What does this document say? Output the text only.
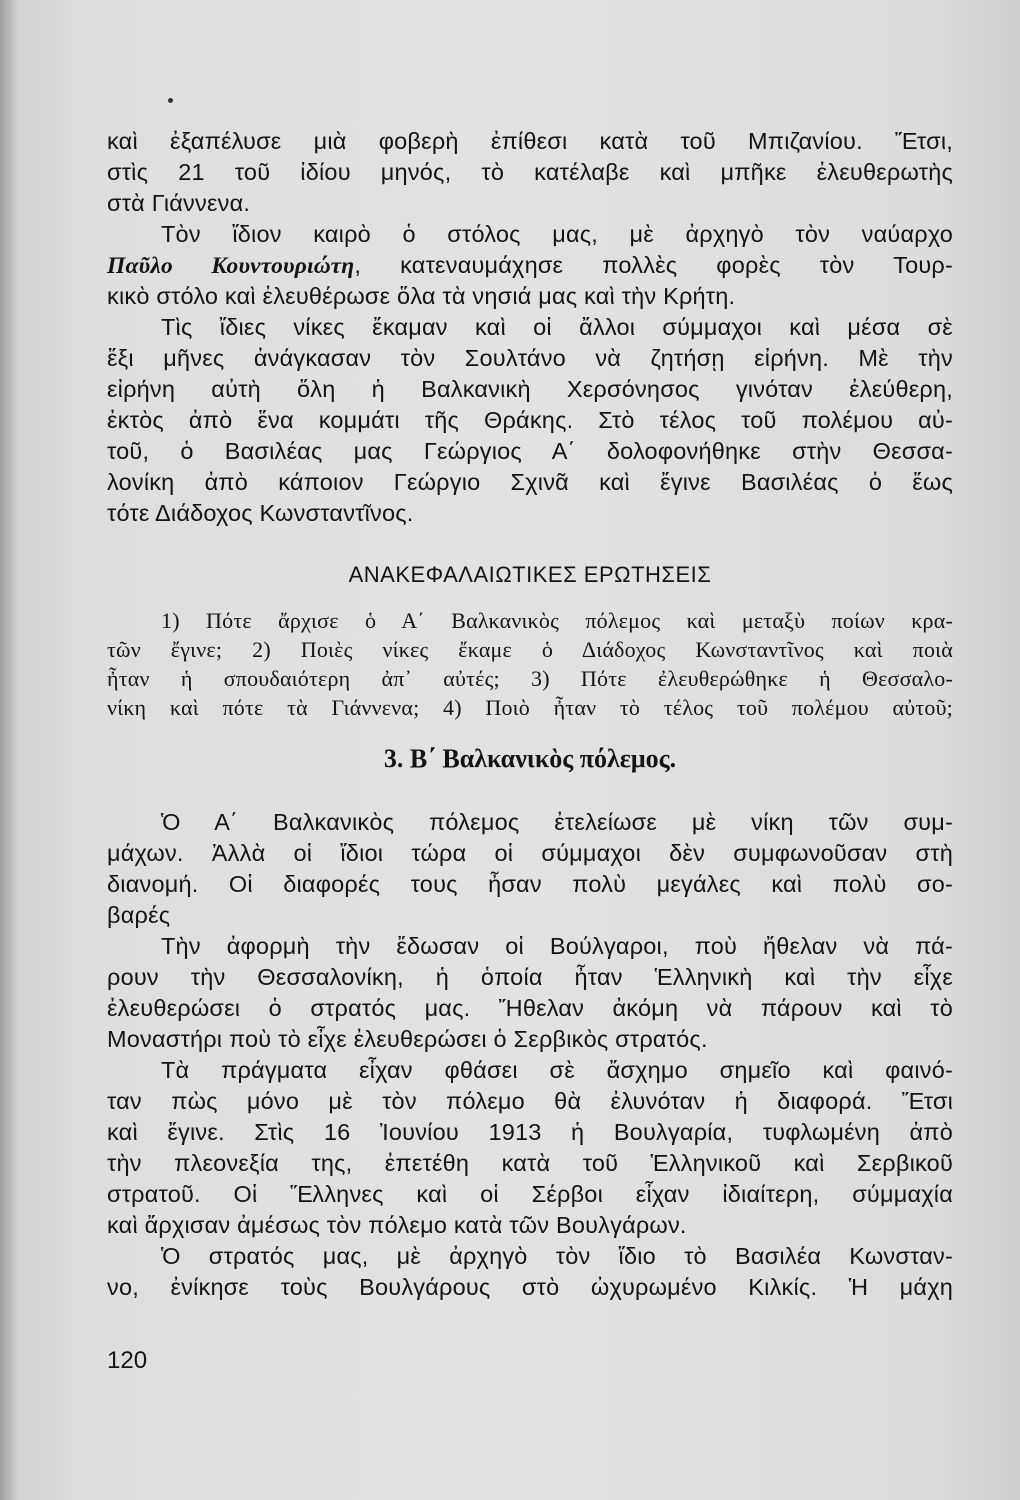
καὶ ἐξαπέλυσε μιὰ φοβερὴ ἐπίθεσι κατὰ τοῦ Μπιζανίου. Ἔτσι,
στὶς 21 τοῦ ἰδίου μηνός, τὸ κατέλαβε καὶ μπῆκε ἐλευθερωτὴς
στὰ Γιάννενα.
Τὸν ἴδιον καιρὸ ὁ στόλος μας, μὲ ἀρχηγὸ τὸν ναύαρχο
Παῦλο Κουντουριώτη, κατεναυμάχησε πολλὲς φορὲς τὸν Τουρ-
κικὸ στόλο καὶ ἐλευθέρωσε ὅλα τὰ νησιά μας καὶ τὴν Κρήτη.
Τὶς ἴδιες νίκες ἔκαμαν καὶ οἱ ἄλλοι σύμμαχοι καὶ μέσα σὲ
ἕξι μῆνες ἀνάγκασαν τὸν Σουλτάνο νὰ ζητήσῃ εἰρήνη. Μὲ τὴν
εἰρήνη αὐτὴ ὅλη ἡ Βαλκανικὴ Χερσόνησος γινόταν ἐλεύθερη,
ἐκτὸς ἀπὸ ἕνα κομμάτι τῆς Θράκης. Στὸ τέλος τοῦ πολέμου αὐ-
τοῦ, ὁ Βασιλέας μας Γεώργιος Α΄ δολοφονήθηκε στὴν Θεσσα-
λονίκη ἀπὸ κάποιον Γεώργιο Σχινᾶ καὶ ἔγινε Βασιλέας ὁ ἕως
τότε Διάδοχος Κωνσταντῖνος.
ΑΝΑΚΕΦΑΛΑΙΩΤΙΚΕΣ ΕΡΩΤΗΣΕΙΣ
1) Πότε ἄρχισε ὁ Α΄ Βαλκανικὸς πόλεμος καὶ μεταξὺ ποίων κρα-
τῶν ἔγινε; 2) Ποιὲς νίκες ἔκαμε ὁ Διάδοχος Κωνσταντῖνος καὶ ποιὰ
ἦταν ἡ σπουδαιότερη ἀπ᾽ αὐτές; 3) Πότε ἐλευθερώθηκε ἡ Θεσσαλο-
νίκη καὶ πότε τὰ Γιάννενα; 4) Ποιὸ ἦταν τὸ τέλος τοῦ πολέμου αὐτοῦ;
3. Β΄ Βαλκανικὸς πόλεμος.
Ὁ Α΄ Βαλκανικὸς πόλεμος ἐτελείωσε μὲ νίκη τῶν συμ-
μάχων. Ἀλλὰ οἱ ἴδιοι τώρα οἱ σύμμαχοι δὲν συμφωνοῦσαν στὴ
διανομή. Οἱ διαφορές τους ἦσαν πολὺ μεγάλες καὶ πολὺ σο-
βαρές
Τὴν ἀφορμὴ τὴν ἔδωσαν οἱ Βούλγαροι, ποὺ ἤθελαν νὰ πά-
ρουν τὴν Θεσσαλονίκη, ἡ ὁποία ἦταν Ἑλληνικὴ καὶ τὴν εἶχε
ἐλευθερώσει ὁ στρατός μας. Ἤθελαν ἀκόμη νὰ πάρουν καὶ τὸ
Μοναστήρι ποὺ τὸ εἶχε ἐλευθερώσει ὁ Σερβικὸς στρατός.
Τὰ πράγματα εἶχαν φθάσει σὲ ἄσχημο σημεῖο καὶ φαινό-
ταν πὼς μόνο μὲ τὸν πόλεμο θὰ ἐλυνόταν ἡ διαφορά. Ἔτσι
καὶ ἔγινε. Στὶς 16 Ἰουνίου 1913 ἡ Βουλγαρία, τυφλωμένη ἀπὸ
τὴν πλεονεξία της, ἐπετέθη κατὰ τοῦ Ἑλληνικοῦ καὶ Σερβικοῦ
στρατοῦ. Οἱ Ἕλληνες καὶ οἱ Σέρβοι εἶχαν ἰδιαίτερη, σύμμαχία
καὶ ἄρχισαν ἀμέσως τὸν πόλεμο κατὰ τῶν Βουλγάρων.
Ὁ στρατός μας, μὲ ἀρχηγὸ τὸν ἴδιο τὸ Βασιλέα Κωνσταν-
νο, ἐνίκησε τοὺς Βουλγάρους στὸ ὠχυρωμένο Κιλκίς. Ἡ μάχη
120
